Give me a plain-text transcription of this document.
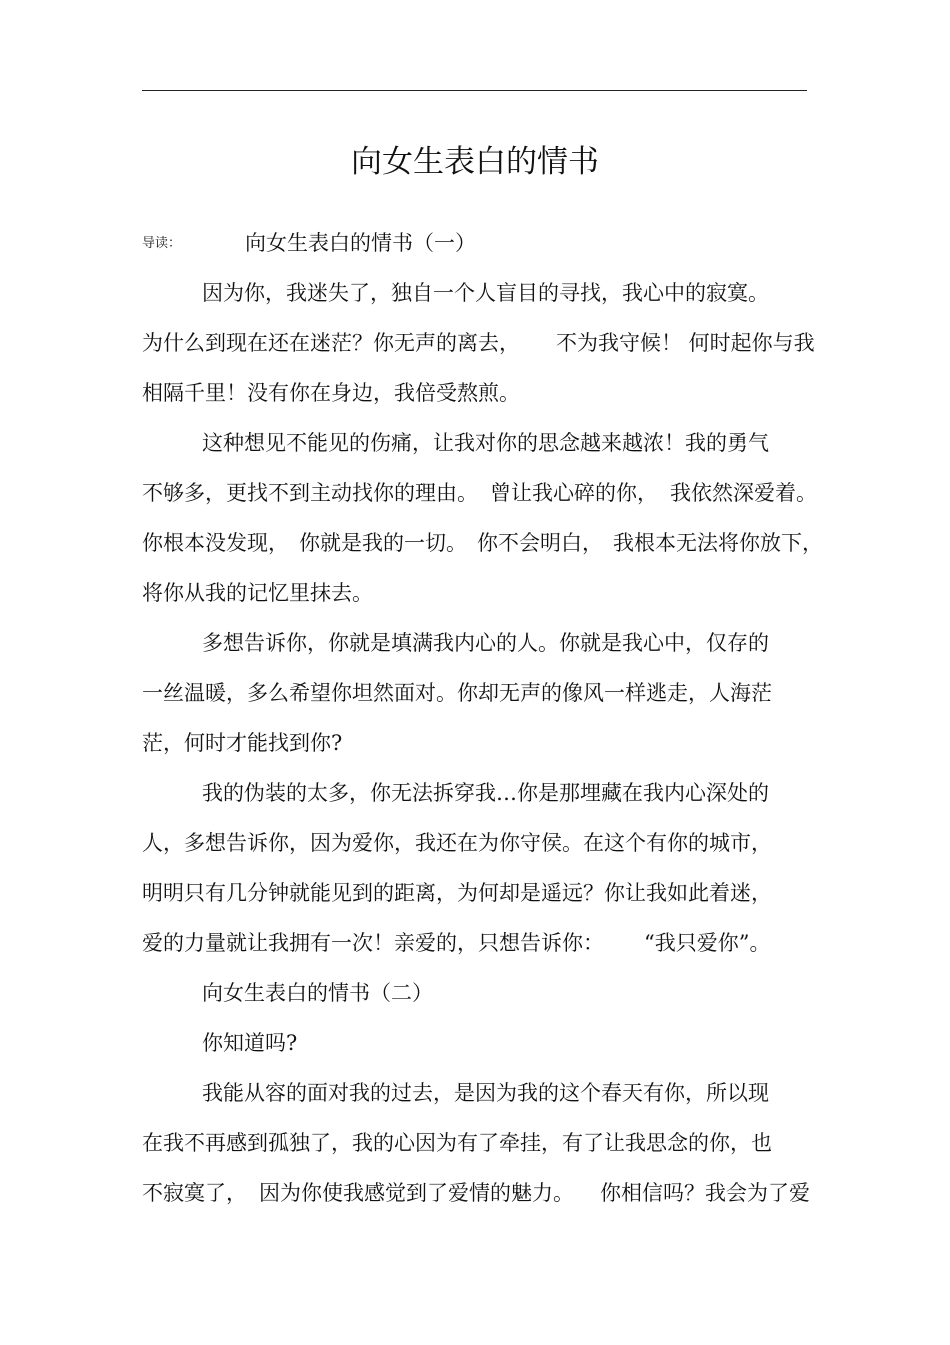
向女生表白的情书
导读：	向女生表白的情书（一）
因为你，我迷失了，独自一个人盲目的寻找，我心中的寂寞。
为什么到现在还在迷茫？你无声的离去， 不为我守候！ 何时起你与我
相隔千里！没有你在身边，我倍受熬煎。
这种想见不能见的伤痛，让我对你的思念越来越浓！我的勇气
不够多，更找不到主动找你的理由。 曾让我心碎的你， 我依然深爱着。
你根本没发现， 你就是我的一切。 你不会明白， 我根本无法将你放下，
将你从我的记忆里抹去。
多想告诉你，你就是填满我内心的人。你就是我心中，仅存的
一丝温暖，多么希望你坦然面对。你却无声的像风一样逃走，人海茫
茫，何时才能找到你?
我的伪装的太多，你无法拆穿我…你是那埋藏在我内心深处的
人，多想告诉你，因为爱你，我还在为你守侯。在这个有你的城市，
明明只有几分钟就能见到的距离，为何却是遥远？你让我如此着迷，
爱的力量就让我拥有一次！亲爱的，只想告诉你： “我只爱你”。
向女生表白的情书（二）
你知道吗?
我能从容的面对我的过去，是因为我的这个春天有你，所以现
在我不再感到孤独了，我的心因为有了牵挂，有了让我思念的你，也
不寂寞了， 因为你使我感觉到了爱情的魅力。 你相信吗？我会为了爱
